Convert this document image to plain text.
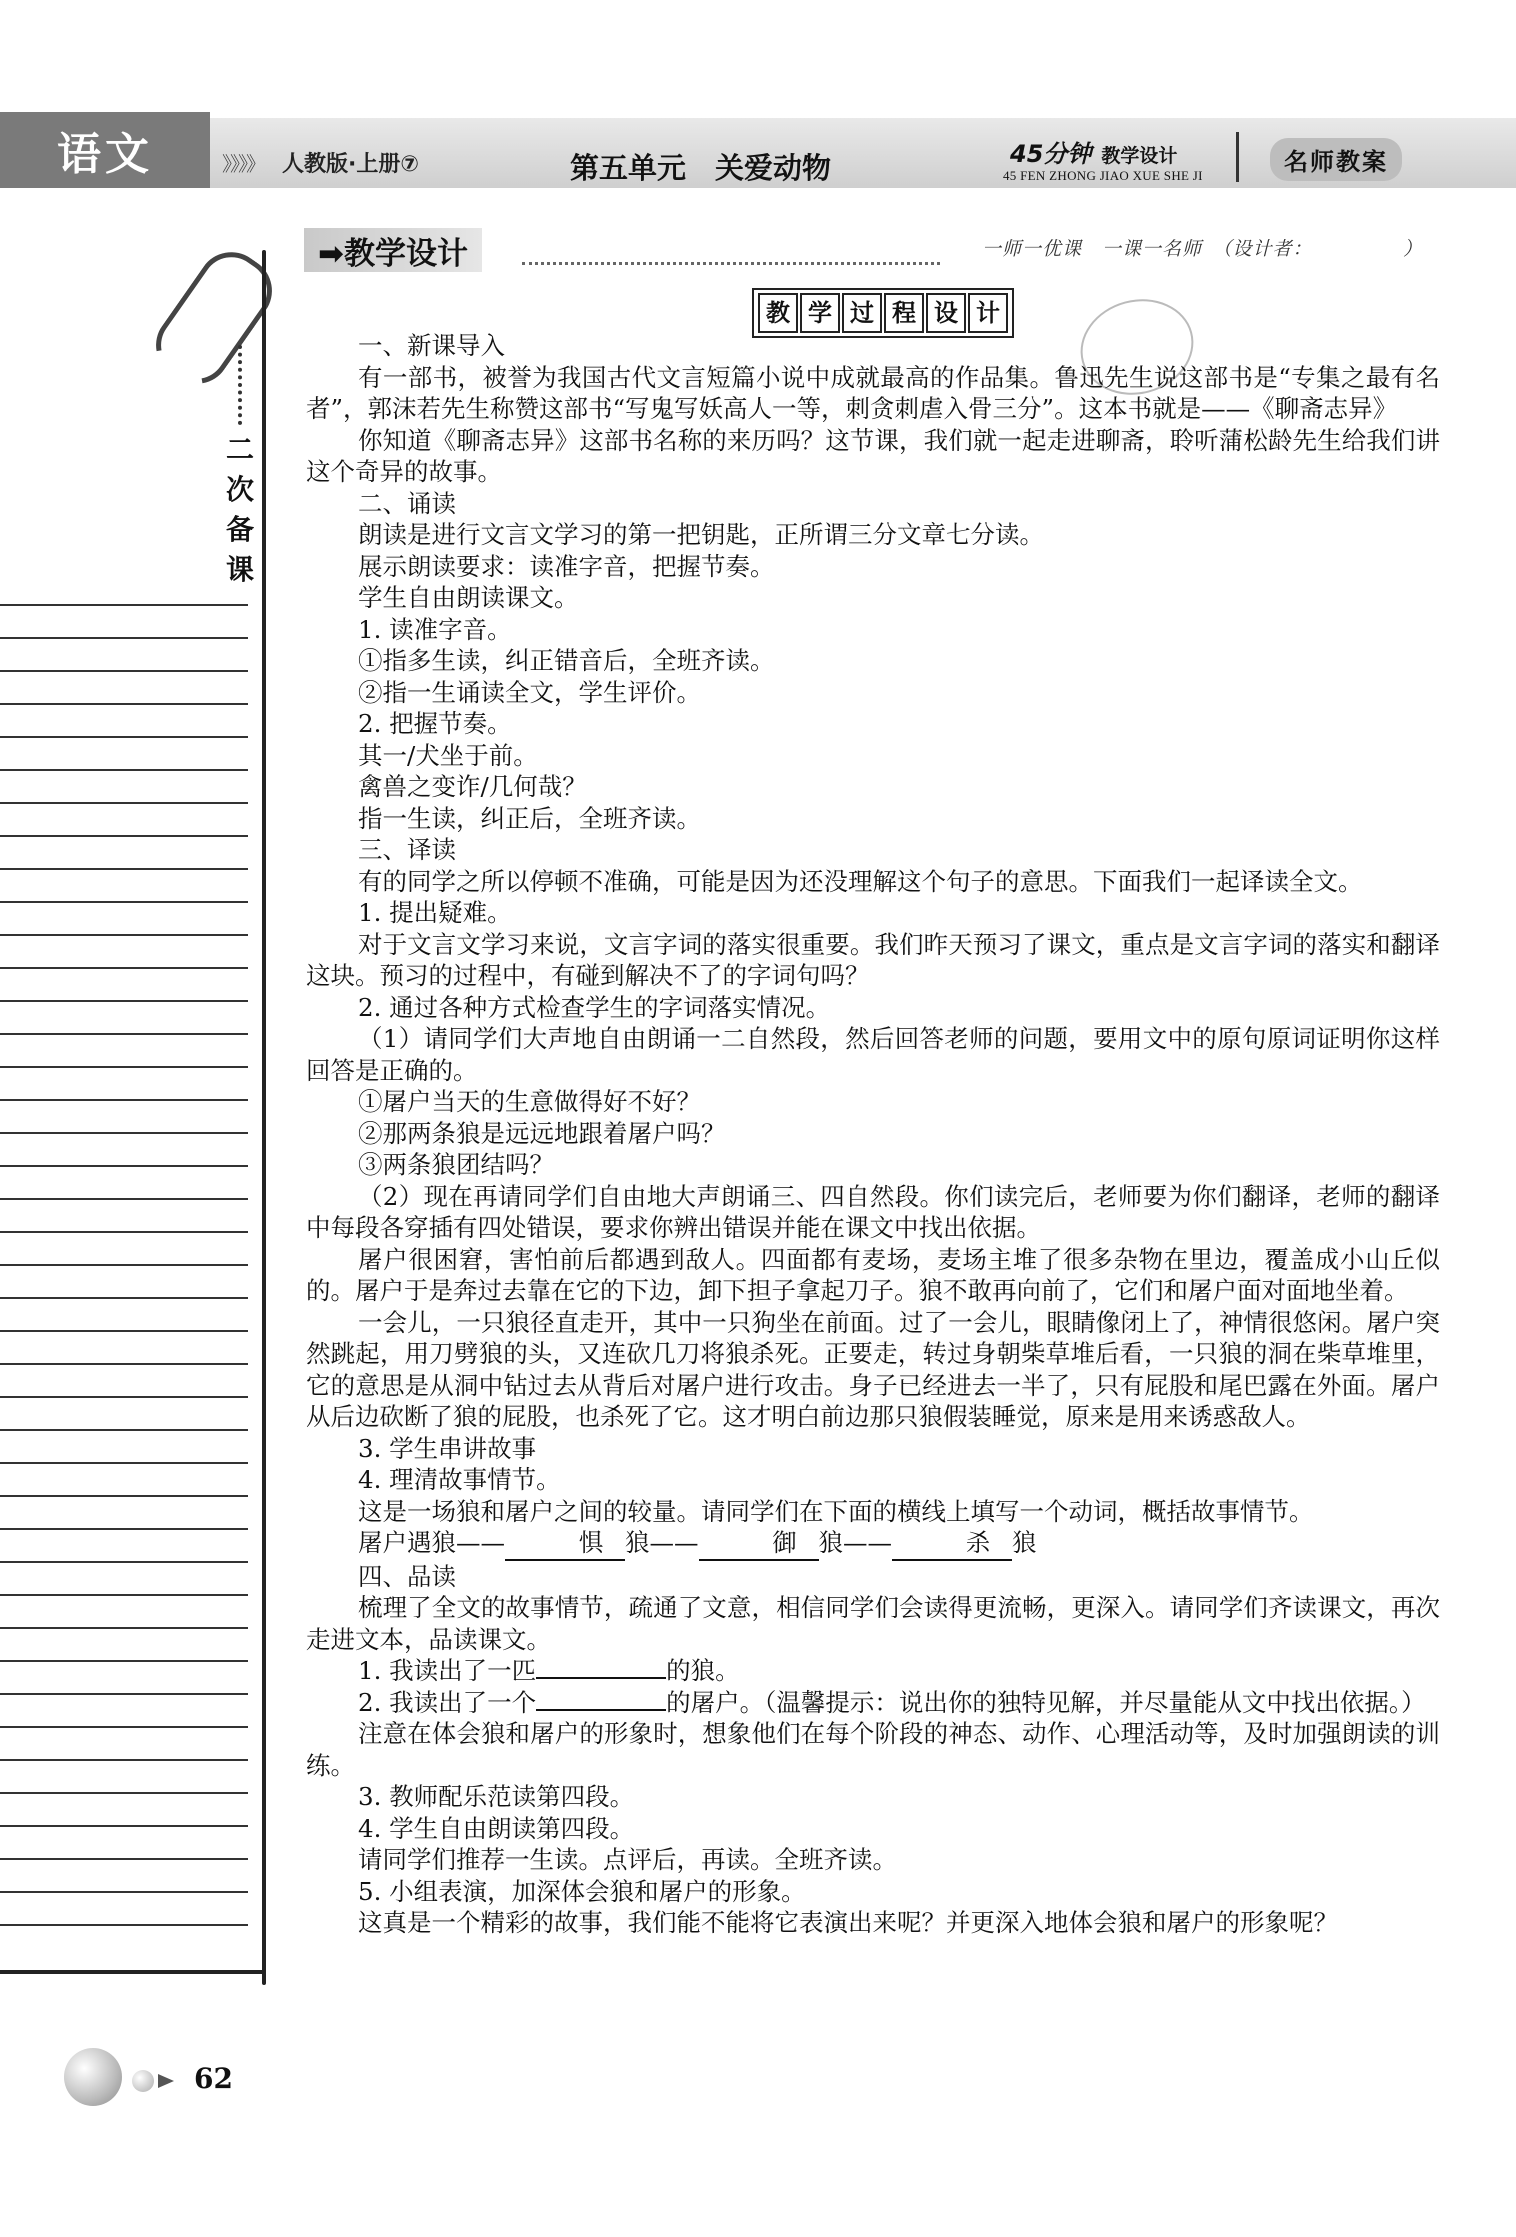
语文	》》》》 人教版·上册⑦	第五单元　关爱动物	45分钟 教学设计
45 FEN ZHONG JIAO XUE SHE JI	名师教案
二
次
备
课
➡教学设计	一师一优课　一课一名师　（设计者：　　　　　）
教 学 过 程 设 计

一、新课导入

有一部书，被誉为我国古代文言短篇小说中成就最高的作品集。鲁迅先生说这部书是“专集之最有名者”，郭沫若先生称赞这部书“写鬼写妖高人一等，刺贪刺虐入骨三分”。这本书就是——《聊斋志异》

你知道《聊斋志异》这部书名称的来历吗？这节课，我们就一起走进聊斋，聆听蒲松龄先生给我们讲这个奇异的故事。

二、诵读

朗读是进行文言文学习的第一把钥匙，正所谓三分文章七分读。

展示朗读要求：读准字音，把握节奏。

学生自由朗读课文。

1. 读准字音。

①指多生读，纠正错音后，全班齐读。

②指一生诵读全文，学生评价。

2. 把握节奏。

其一/犬坐于前。

禽兽之变诈/几何哉？

指一生读，纠正后，全班齐读。

三、译读

有的同学之所以停顿不准确，可能是因为还没理解这个句子的意思。下面我们一起译读全文。

1. 提出疑难。

对于文言文学习来说，文言字词的落实很重要。我们昨天预习了课文，重点是文言字词的落实和翻译这块。预习的过程中，有碰到解决不了的字词句吗？

2. 通过各种方式检查学生的字词落实情况。

（1）请同学们大声地自由朗诵一二自然段，然后回答老师的问题，要用文中的原句原词证明你这样回答是正确的。

①屠户当天的生意做得好不好？

②那两条狼是远远地跟着屠户吗？

③两条狼团结吗？

（2）现在再请同学们自由地大声朗诵三、四自然段。你们读完后，老师要为你们翻译，老师的翻译中每段各穿插有四处错误，要求你辨出错误并能在课文中找出依据。

屠户很困窘，害怕前后都遇到敌人。四面都有麦场，麦场主堆了很多杂物在里边，覆盖成小山丘似的。屠户于是奔过去靠在它的下边，卸下担子拿起刀子。狼不敢再向前了，它们和屠户面对面地坐着。

一会儿，一只狼径直走开，其中一只狗坐在前面。过了一会儿，眼睛像闭上了，神情很悠闲。屠户突然跳起，用刀劈狼的头，又连砍几刀将狼杀死。正要走，转过身朝柴草堆后看，一只狼的洞在柴草堆里，它的意思是从洞中钻过去从背后对屠户进行攻击。身子已经进去一半了，只有屁股和尾巴露在外面。屠户从后边砍断了狼的屁股，也杀死了它。这才明白前边那只狼假装睡觉，原来是用来诱惑敌人。

3. 学生串讲故事

4. 理清故事情节。

这是一场狼和屠户之间的较量。请同学们在下面的横线上填写一个动词，概括故事情节。

屠户遇狼——	惧 狼——	御 狼——	杀 狼

四、品读

梳理了全文的故事情节，疏通了文意，相信同学们会读得更流畅，更深入。请同学们齐读课文，再次走进文本，品读课文。

1. 我读出了一匹	的狼。

2. 我读出了一个	的屠户。（温馨提示：说出你的独特见解，并尽量能从文中找出依据。）

注意在体会狼和屠户的形象时，想象他们在每个阶段的神态、动作、心理活动等，及时加强朗读的训练。

3. 教师配乐范读第四段。

4. 学生自由朗读第四段。

请同学们推荐一生读。点评后，再读。全班齐读。

5. 小组表演，加深体会狼和屠户的形象。

这真是一个精彩的故事，我们能不能将它表演出来呢？并更深入地体会狼和屠户的形象呢？

62
